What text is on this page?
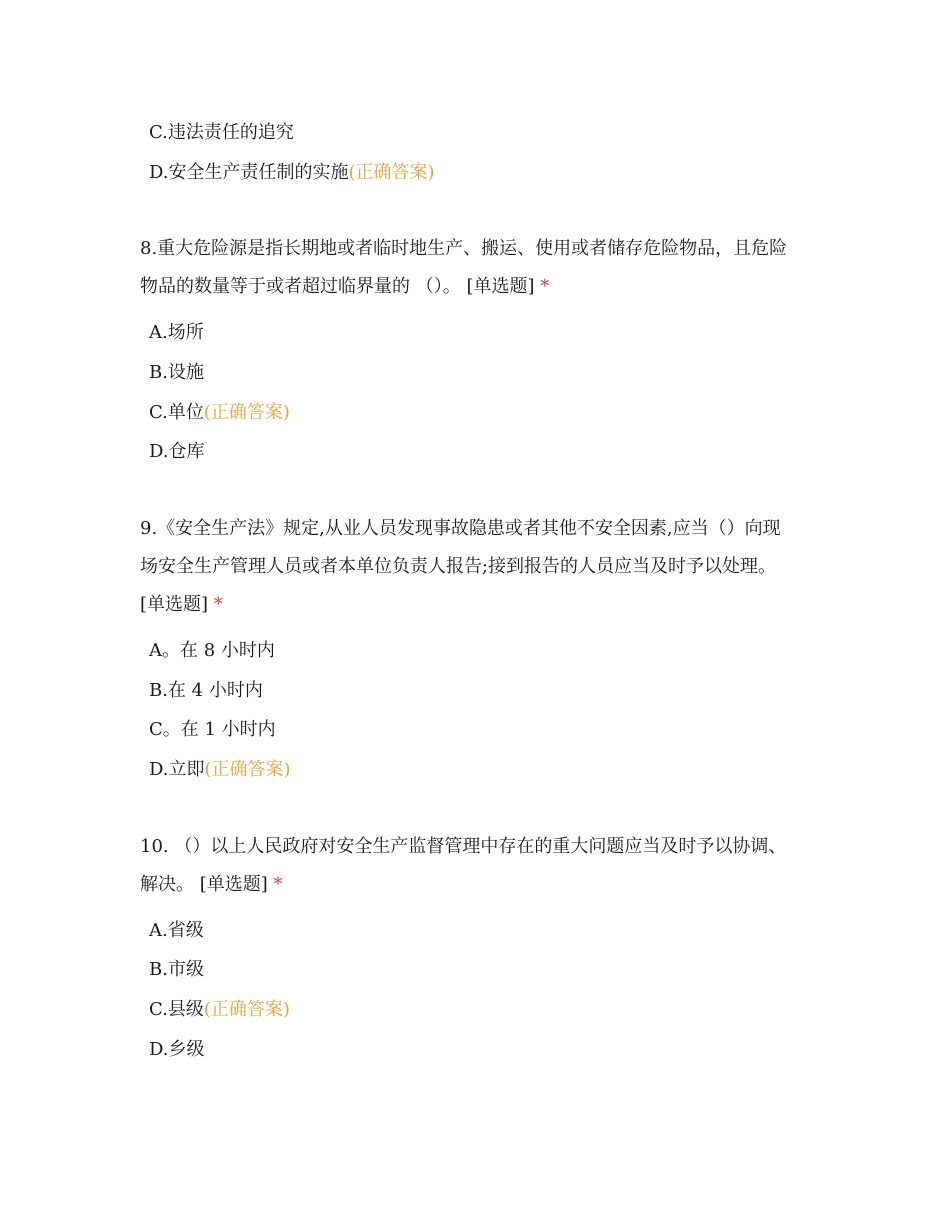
C.违法责任的追究
D.安全生产责任制的实施(正确答案)
8.重大危险源是指长期地或者临时地生产、搬运、使用或者储存危险物品，且危险
物品的数量等于或者超过临界量的 （）。 [单选题] *
A.场所
B.设施
C.单位(正确答案)
D.仓库
9.《安全生产法》规定,从业人员发现事故隐患或者其他不安全因素,应当（）向现
场安全生产管理人员或者本单位负责人报告;接到报告的人员应当及时予以处理。
[单选题] *
A。在 8 小时内
B.在 4 小时内
C。在 1 小时内
D.立即(正确答案)
10. （）以上人民政府对安全生产监督管理中存在的重大问题应当及时予以协调、
解决。 [单选题] *
A.省级
B.市级
C.县级(正确答案)
D.乡级
